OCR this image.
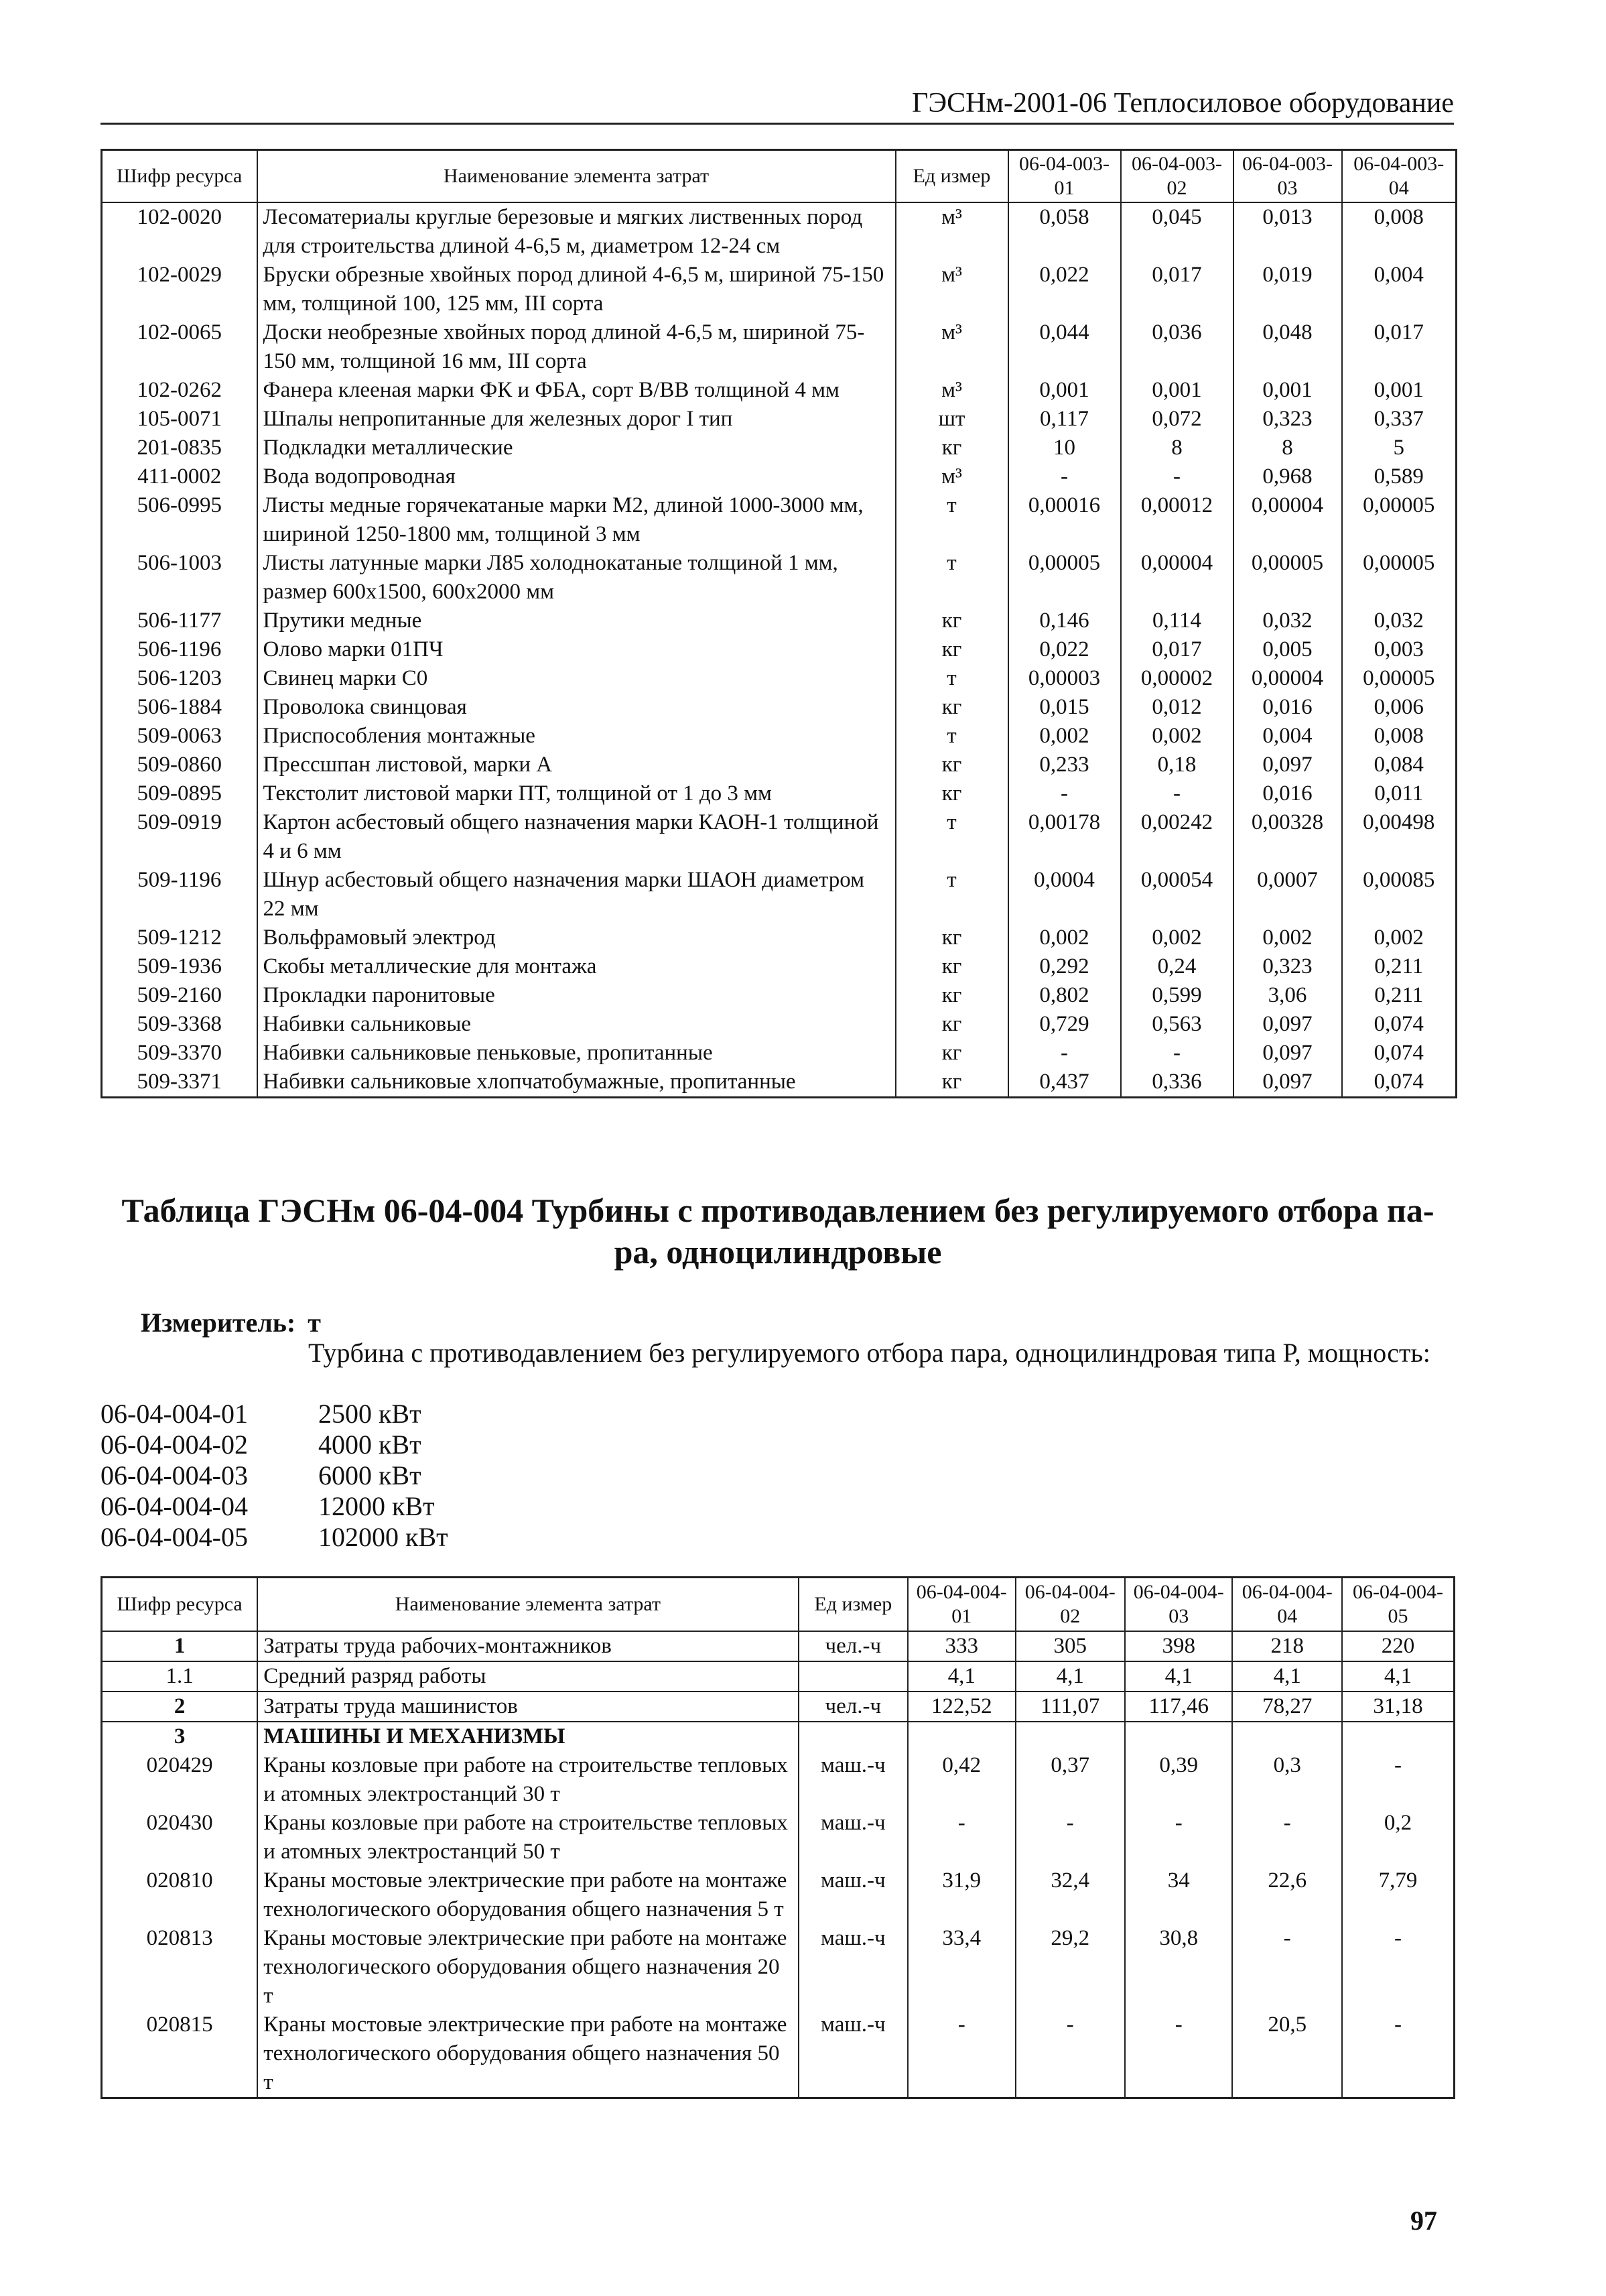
ГЭСНм-2001-06 Теплосиловое оборудование
Шифр ресурса	Наименование элемента затрат	Ед измер	06-04-003-01	06-04-003-02	06-04-003-03	06-04-003-04
102-0020	Лесоматериалы круглые березовые и мягких лиственных пород для строительства длиной 4-6,5 м, диаметром 12-24 см	м³	0,058	0,045	0,013	0,008
102-0029	Бруски обрезные хвойных пород длиной 4-6,5 м, шириной 75-150 мм, толщиной 100, 125 мм, III сорта	м³	0,022	0,017	0,019	0,004
102-0065	Доски необрезные хвойных пород длиной 4-6,5 м, шириной 75-150 мм, толщиной 16 мм, III сорта	м³	0,044	0,036	0,048	0,017
102-0262	Фанера клееная марки ФК и ФБА, сорт В/ВВ толщиной 4 мм	м³	0,001	0,001	0,001	0,001
105-0071	Шпалы непропитанные для железных дорог I тип	шт	0,117	0,072	0,323	0,337
201-0835	Подкладки металлические	кг	10	8	8	5
411-0002	Вода водопроводная	м³	-	-	0,968	0,589
506-0995	Листы медные горячекатаные марки М2, длиной 1000-3000 мм, шириной 1250-1800 мм, толщиной 3 мм	т	0,00016	0,00012	0,00004	0,00005
506-1003	Листы латунные марки Л85 холоднокатаные толщиной 1 мм, размер 600х1500, 600х2000 мм	т	0,00005	0,00004	0,00005	0,00005
506-1177	Прутики медные	кг	0,146	0,114	0,032	0,032
506-1196	Олово марки 01ПЧ	кг	0,022	0,017	0,005	0,003
506-1203	Свинец марки С0	т	0,00003	0,00002	0,00004	0,00005
506-1884	Проволока свинцовая	кг	0,015	0,012	0,016	0,006
509-0063	Приспособления монтажные	т	0,002	0,002	0,004	0,008
509-0860	Прессшпан листовой, марки А	кг	0,233	0,18	0,097	0,084
509-0895	Текстолит листовой марки ПТ, толщиной от 1 до 3 мм	кг	-	-	0,016	0,011
509-0919	Картон асбестовый общего назначения марки КАОН-1 толщиной 4 и 6 мм	т	0,00178	0,00242	0,00328	0,00498
509-1196	Шнур асбестовый общего назначения марки ШАОН диаметром 22 мм	т	0,0004	0,00054	0,0007	0,00085
509-1212	Вольфрамовый электрод	кг	0,002	0,002	0,002	0,002
509-1936	Скобы металлические для монтажа	кг	0,292	0,24	0,323	0,211
509-2160	Прокладки паронитовые	кг	0,802	0,599	3,06	0,211
509-3368	Набивки сальниковые	кг	0,729	0,563	0,097	0,074
509-3370	Набивки сальниковые пеньковые, пропитанные	кг	-	-	0,097	0,074
509-3371	Набивки сальниковые хлопчатобумажные, пропитанные	кг	0,437	0,336	0,097	0,074
Таблица ГЭСНм 06-04-004 Турбины с противодавлением без регулируемого отбора па-
ра, одноцилиндровые
Измеритель: т
Турбина с противодавлением без регулируемого отбора пара, одноцилиндровая типа Р, мощность:
06-04-004-01	2500 кВт
06-04-004-02	4000 кВт
06-04-004-03	6000 кВт
06-04-004-04	12000 кВт
06-04-004-05	102000 кВт
Шифр ресурса	Наименование элемента затрат	Ед измер	06-04-004-01	06-04-004-02	06-04-004-03	06-04-004-04	06-04-004-05
1	Затраты труда рабочих-монтажников	чел.-ч	333	305	398	218	220
1.1	Средний разряд работы		4,1	4,1	4,1	4,1	4,1
2	Затраты труда машинистов	чел.-ч	122,52	111,07	117,46	78,27	31,18
3	МАШИНЫ И МЕХАНИЗМЫ						
020429	Краны козловые при работе на строительстве тепловых и атомных электростанций 30 т	маш.-ч	0,42	0,37	0,39	0,3	-
020430	Краны козловые при работе на строительстве тепловых и атомных электростанций 50 т	маш.-ч	-	-	-	-	0,2
020810	Краны мостовые электрические при работе на монтаже технологического оборудования общего назначения 5 т	маш.-ч	31,9	32,4	34	22,6	7,79
020813	Краны мостовые электрические при работе на монтаже технологического оборудования общего назначения 20 т	маш.-ч	33,4	29,2	30,8	-	-
020815	Краны мостовые электрические при работе на монтаже технологического оборудования общего назначения 50 т	маш.-ч	-	-	-	20,5	-
97
